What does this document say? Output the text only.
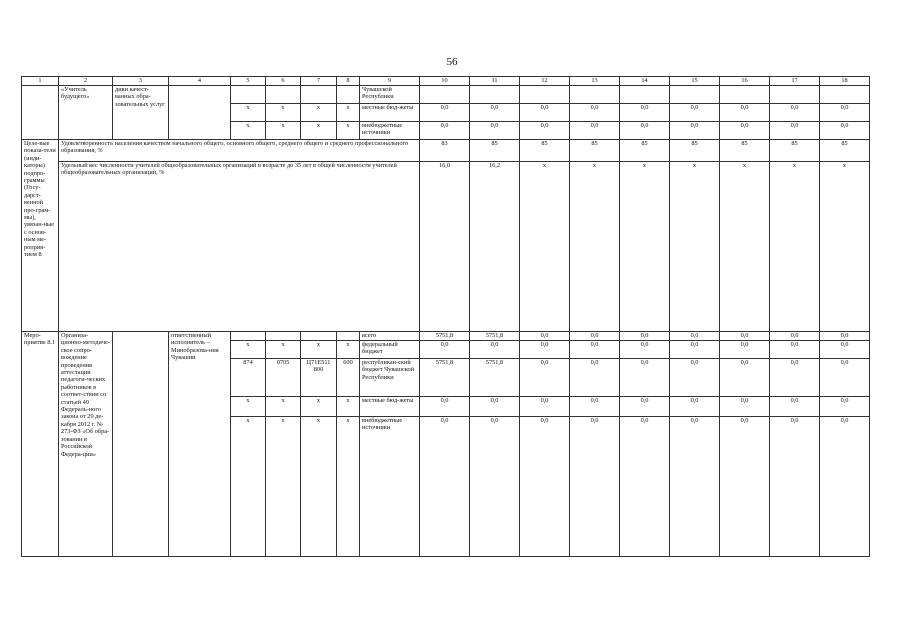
56
1	2	3	4	5	6	7	8	9	10	11	12	13	14	15	16	17	18
	«Учитель будущего»	дики качест-ванных обра-зовательных услуг						Чувашской Республики									
				x	x	x	x	местные бюд-жеты	0,0	0,0	0,0	0,0	0,0	0,0	0,0	0,0	0,0
				x	x	x	x	внебюджетные источники	0,0	0,0	0,0	0,0	0,0	0,0	0,0	0,0	0,0
Целе-вые показа-тели (инди-каторы) подпро-граммы (Госу-дарст-венной про-грам-мы), увязан-ные с основ-ным ме-роприя-тием 8	Удовлетворенность населения качеством начального общего, основного общего, среднего общего и среднего профессионального образования, %								83	85	85	85	85	85	85	85	85
	Удельный вес численности учителей общеобразовательных организаций в возрасте до 35 лет в общей численности учителей общеобразовательных организаций, %								16,0	16,2	x	x	x	x	x	x	x
Меро-приятие 8.1	Организа-ционно-методиче-ское сопро-вождение проведения аттестации педагоги-ческих работников в соответ-ствии со статьей 49 Федераль-ного закона от 29 де-кабря 2012 г. № 273-ФЗ «Об обра-зовании в Российской Федера-ции»		ответственный исполнитель – Минобразова-ния Чувашии					всего	5751,8	5751,8	0,0	0,0	0,0	0,0	0,0	0,0	0,0
				x	x	x	x	федеральный бюджет	0,0	0,0	0,0	0,0	0,0	0,0	0,0	0,0	0,0
				874	0705	Ц71Е511 800	600	республикан-ский бюджет Чувашской Республики	5751,8	5751,8	0,0	0,0	0,0	0,0	0,0	0,0	0,0
				x	x	x	x	местные бюд-жеты	0,0	0,0	0,0	0,0	0,0	0,0	0,0	0,0	0,0
				x	x	x	x	внебюджетные источники	0,0	0,0	0,0	0,0	0,0	0,0	0,0	0,0	0,0
